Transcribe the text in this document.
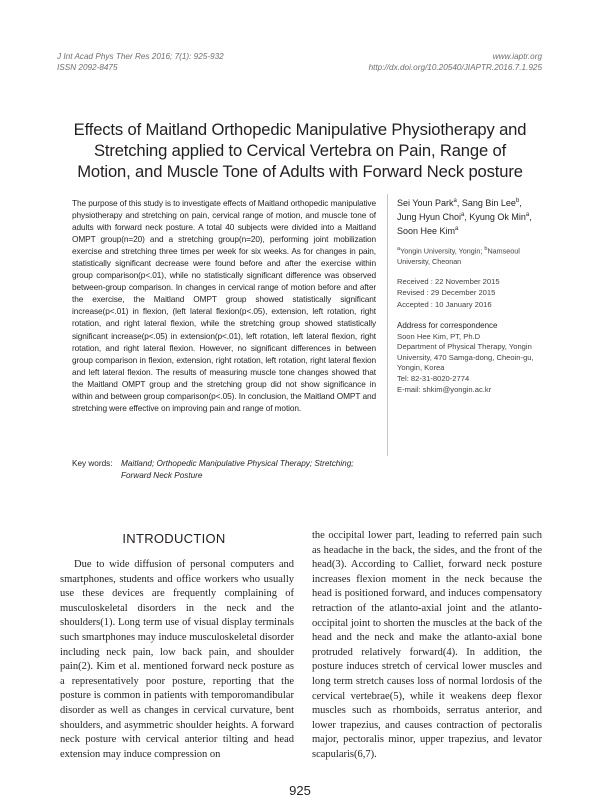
J Int Acad Phys Ther Res 2016; 7(1): 925-932
ISSN 2092-8475
www.iaptr.org
http://dx.doi.org/10.20540/JIAPTR.2016.7.1.925
Effects of Maitland Orthopedic Manipulative Physiotherapy and
Stretching applied to Cervical Vertebra on Pain, Range of
Motion, and Muscle Tone of Adults with Forward Neck posture
The purpose of this study is to investigate effects of Maitland orthopedic manipulative physiotherapy and stretching on pain, cervical range of motion, and muscle tone of adults with forward neck posture. A total 40 subjects were divided into a Maitland OMPT group(n=20) and a stretching group(n=20), performing joint mobilization exercise and stretching three times per week for six weeks. As for changes in pain, statistically significant decrease were found before and after the exercise within group comparison(p<.01), while no statistically significant difference was observed between-group comparison. In changes in cervical range of motion before and after the exercise, the Maitland OMPT group showed statistically significant increase(p<.01) in flexion, (left lateral flexion(p<.05), extension, left rotation, right rotation, and right lateral flexion, while the stretching group showed statistically significant increase(p<.05) in extension(p<.01), left rotation, left lateral flexion, right rotation, and right lateral flexion. However, no significant differences in between group comparison in flexion, extension, right rotation, left rotation, right lateral flexion and left lateral flexion. The results of measuring muscle tone changes showed that the Maitland OMPT group and the stretching group did not show significance in within and between group comparison(p<.05). In conclusion, the Maitland OMPT and stretching were effective on improving pain and range of motion.
Sei Youn Park$^a$, Sang Bin Lee$^b$,
Jung Hyun Choi$^a$, Kyung Ok Min$^a$,
Soon Hee Kim$^a$
$^a$Yongin University, Yongin; $^b$Namseoul University, Cheonan
Received : 22 November 2015
Revised : 29 December 2015
Accepted : 10 January 2016
Address for correspondence
Soon Hee Kim, PT, Ph.D
Department of Physical Therapy, Yongin University, 470 Samga-dong, Cheoin-gu, Yongin, Korea
Tel: 82-31-8020-2774
E-mail: shkim@yongin.ac.kr
Key words:	Maitland; Orthopedic Manipulative Physical Therapy; Stretching; Forward Neck Posture
INTRODUCTION

Due to wide diffusion of personal computers and smartphones, students and office workers who usually use these devices are frequently complaining of musculoskeletal disorders in the neck and the shoulders(1). Long term use of visual display terminals such smartphones may induce musculoskeletal disorder including neck pain, low back pain, and shoulder pain(2). Kim et al. mentioned forward neck posture as a representatively poor posture, reporting that the posture is common in patients with temporomandibular disorder as well as changes in cervical curvature, bent shoulders, and asymmetric shoulder heights. A forward neck posture with cervical anterior tilting and head extension may induce compression on

the occipital lower part, leading to referred pain such as headache in the back, the sides, and the front of the head(3). According to Calliet, forward neck posture increases flexion moment in the neck because the head is positioned forward, and induces compensatory retraction of the atlanto-axial joint and the atlanto-occipital joint to shorten the muscles at the back of the head and the neck and make the atlanto-axial bone protruded relatively forward(4). In addition, the posture induces stretch of cervical lower muscles and long term stretch causes loss of normal lordosis of the cervical vertebrae(5), while it weakens deep flexor muscles such as rhomboids, serratus anterior, and lower trapezius, and causes contraction of pectoralis major, pectoralis minor, upper trapezius, and levator scapularis(6,7).

925
